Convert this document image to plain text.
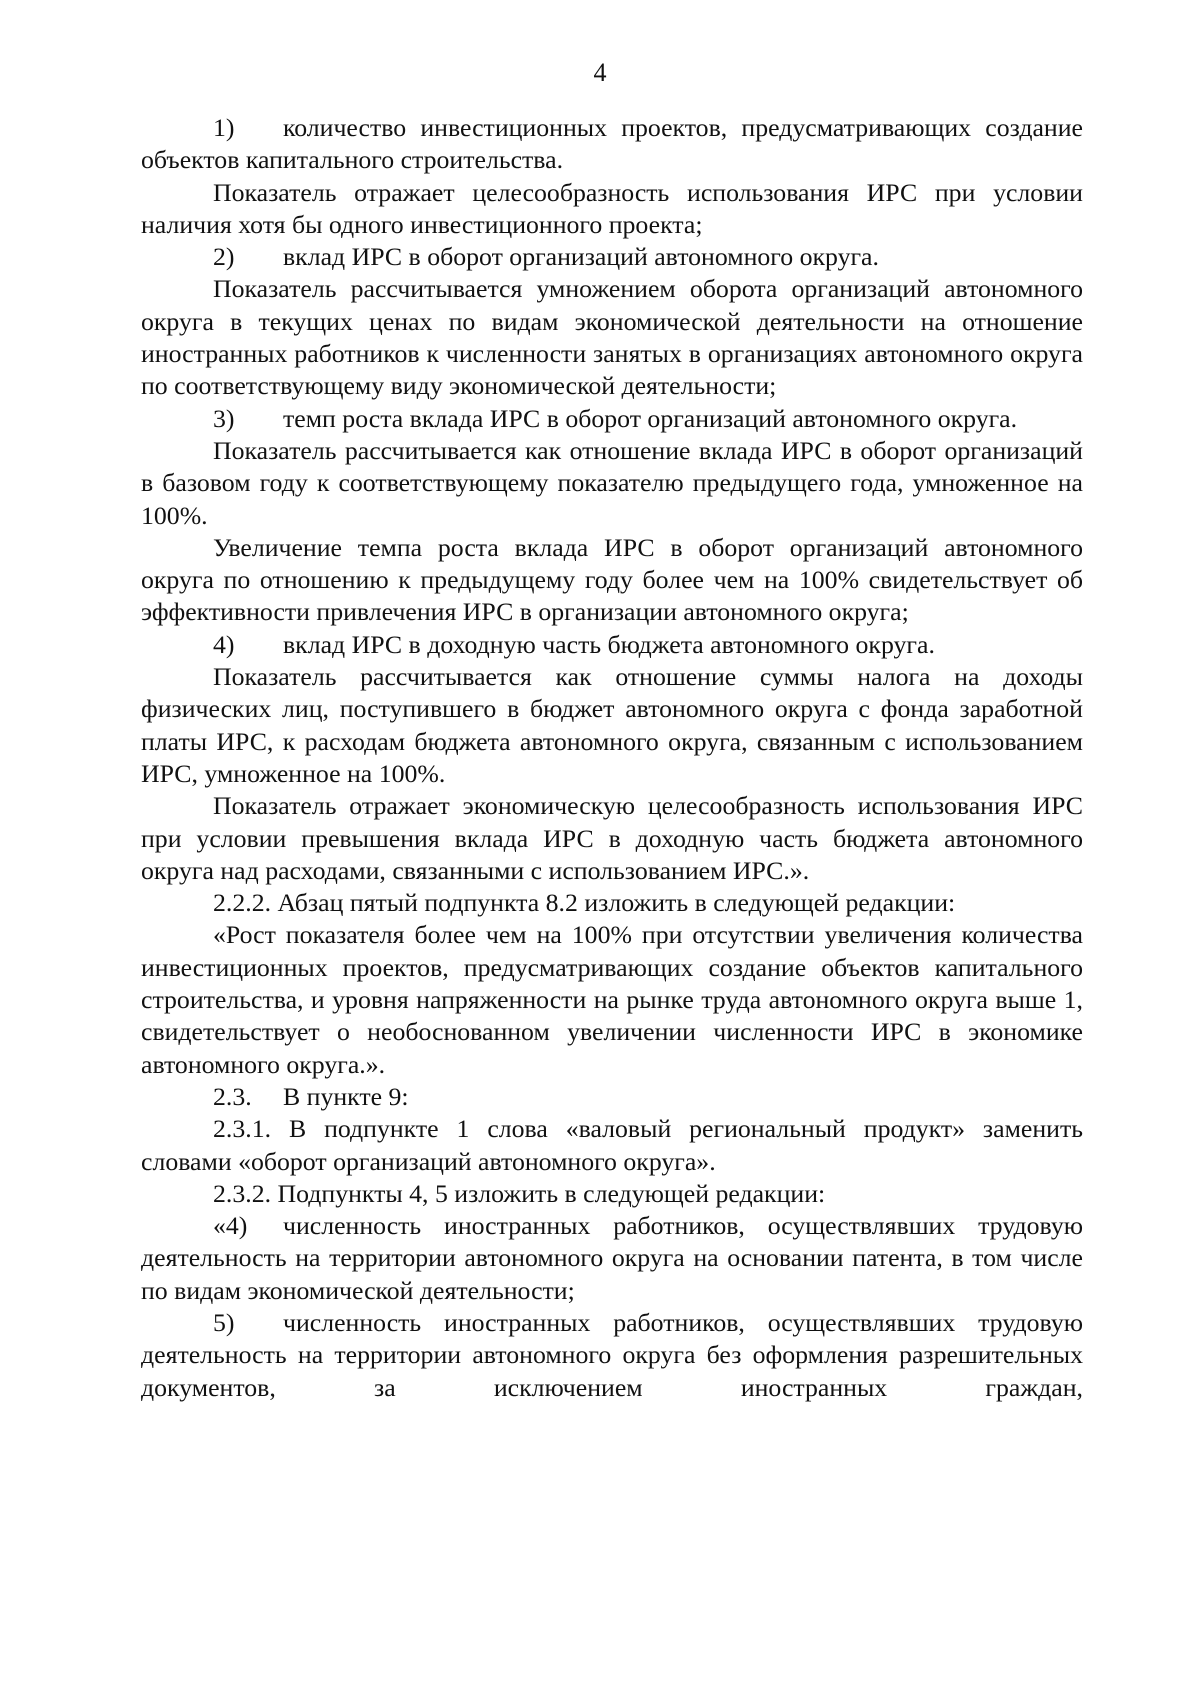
4

1) количество инвестиционных проектов, предусматривающих создание объектов капитального строительства.

Показатель отражает целесообразность использования ИРС при условии наличия хотя бы одного инвестиционного проекта;

2) вклад ИРС в оборот организаций автономного округа.

Показатель рассчитывается умножением оборота организаций автономного округа в текущих ценах по видам экономической деятельности на отношение иностранных работников к численности занятых в организациях автономного округа по соответствующему виду экономической деятельности;

3) темп роста вклада ИРС в оборот организаций автономного округа.

Показатель рассчитывается как отношение вклада ИРС в оборот организаций в базовом году к соответствующему показателю предыдущего года, умноженное на 100%.

Увеличение темпа роста вклада ИРС в оборот организаций автономного округа по отношению к предыдущему году более чем на 100% свидетельствует об эффективности привлечения ИРС в организации автономного округа;

4) вклад ИРС в доходную часть бюджета автономного округа.

Показатель рассчитывается как отношение суммы налога на доходы физических лиц, поступившего в бюджет автономного округа с фонда заработной платы ИРС, к расходам бюджета автономного округа, связанным с использованием ИРС, умноженное на 100%.

Показатель отражает экономическую целесообразность использования ИРС при условии превышения вклада ИРС в доходную часть бюджета автономного округа над расходами, связанными с использованием ИРС.».

2.2.2. Абзац пятый подпункта 8.2 изложить в следующей редакции:

«Рост показателя более чем на 100% при отсутствии увеличения количества инвестиционных проектов, предусматривающих создание объектов капитального строительства, и уровня напряженности на рынке труда автономного округа выше 1, свидетельствует о необоснованном увеличении численности ИРС в экономике автономного округа.».

2.3. В пункте 9:

2.3.1. В подпункте 1 слова «валовый региональный продукт» заменить словами «оборот организаций автономного округа».

2.3.2. Подпункты 4, 5 изложить в следующей редакции:

«4) численность иностранных работников, осуществлявших трудовую деятельность на территории автономного округа на основании патента, в том числе по видам экономической деятельности;

5) численность иностранных работников, осуществлявших трудовую деятельность на территории автономного округа без оформления разрешительных документов, за исключением иностранных граждан,
